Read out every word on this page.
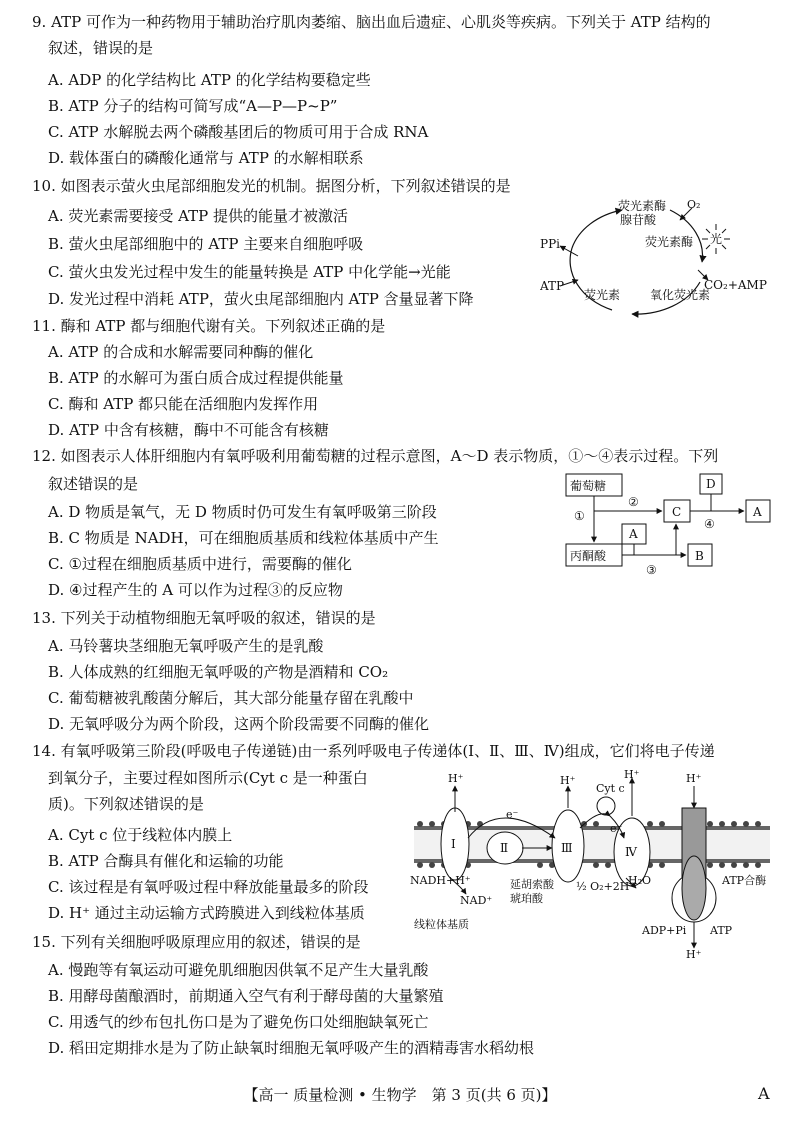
9. ATP 可作为一种药物用于辅助治疗肌肉萎缩、脑出血后遗症、心肌炎等疾病。下列关于 ATP 结构的
叙述，错误的是
A. ADP 的化学结构比 ATP 的化学结构要稳定些
B. ATP 分子的结构可简写成“A—P—P~P”
C. ATP 水解脱去两个磷酸基团后的物质可用于合成 RNA
D. 载体蛋白的磷酸化通常与 ATP 的水解相联系
10. 如图表示萤火虫尾部细胞发光的机制。据图分析，下列叙述错误的是
A. 荧光素需要接受 ATP 提供的能量才被激活
B. 萤火虫尾部细胞中的 ATP 主要来自细胞呼吸
C. 萤火虫发光过程中发生的能量转换是 ATP 中化学能→光能
D. 发光过程中消耗 ATP，萤火虫尾部细胞内 ATP 含量显著下降
荧光素酶
腺苷酸
O₂
荧光素酶 光
PPi
ATP	CO₂+AMP
荧光素 氧化荧光素
11. 酶和 ATP 都与细胞代谢有关。下列叙述正确的是
A. ATP 的合成和水解需要同种酶的催化
B. ATP 的水解可为蛋白质合成过程提供能量
C. 酶和 ATP 都只能在活细胞内发挥作用
D. ATP 中含有核糖，酶中不可能含有核糖
12. 如图表示人体肝细胞内有氧呼吸利用葡萄糖的过程示意图，A～D 表示物质，①～④表示过程。下列
叙述错误的是
A. D 物质是氧气，无 D 物质时仍可发生有氧呼吸第三阶段
B. C 物质是 NADH，可在细胞质基质和线粒体基质中产生
C. ①过程在细胞质基质中进行，需要酶的催化
D. ④过程产生的 A 可以作为过程③的反应物
葡萄糖
丙酮酸
C
D
A
A
B
①
②
③
④
13. 下列关于动植物细胞无氧呼吸的叙述，错误的是
A. 马铃薯块茎细胞无氧呼吸产生的是乳酸
B. 人体成熟的红细胞无氧呼吸的产物是酒精和 CO₂
C. 葡萄糖被乳酸菌分解后，其大部分能量存留在乳酸中
D. 无氧呼吸分为两个阶段，这两个阶段需要不同酶的催化
14. 有氧呼吸第三阶段(呼吸电子传递链)由一系列呼吸电子传递体(Ⅰ、Ⅱ、Ⅲ、Ⅳ)组成，它们将电子传递
到氧分子，主要过程如图所示(Cyt c 是一种蛋白
质)。下列叙述错误的是
A. Cyt c 位于线粒体内膜上
B. ATP 合酶具有催化和运输的功能
C. 该过程是有氧呼吸过程中释放能量最多的阶段
D. H⁺ 通过主动运输方式跨膜进入到线粒体基质
H⁺	H⁺	H⁺	H⁺
H⁺
Cyt c
e⁻
e⁻
Ⅰ	Ⅱ	Ⅲ	Ⅳ
NADH+H⁺
NAD⁺
延胡索酸
琥珀酸
½ O₂+2H⁺
H₂O	ATP合酶
线粒体基质	ADP+Pi ATP
15. 下列有关细胞呼吸原理应用的叙述，错误的是
A. 慢跑等有氧运动可避免肌细胞因供氧不足产生大量乳酸
B. 用酵母菌酿酒时，前期通入空气有利于酵母菌的大量繁殖
C. 用透气的纱布包扎伤口是为了避免伤口处细胞缺氧死亡
D. 稻田定期排水是为了防止缺氧时细胞无氧呼吸产生的酒精毒害水稻幼根
【高一 质量检测 • 生物学　第 3 页(共 6 页)】	A
